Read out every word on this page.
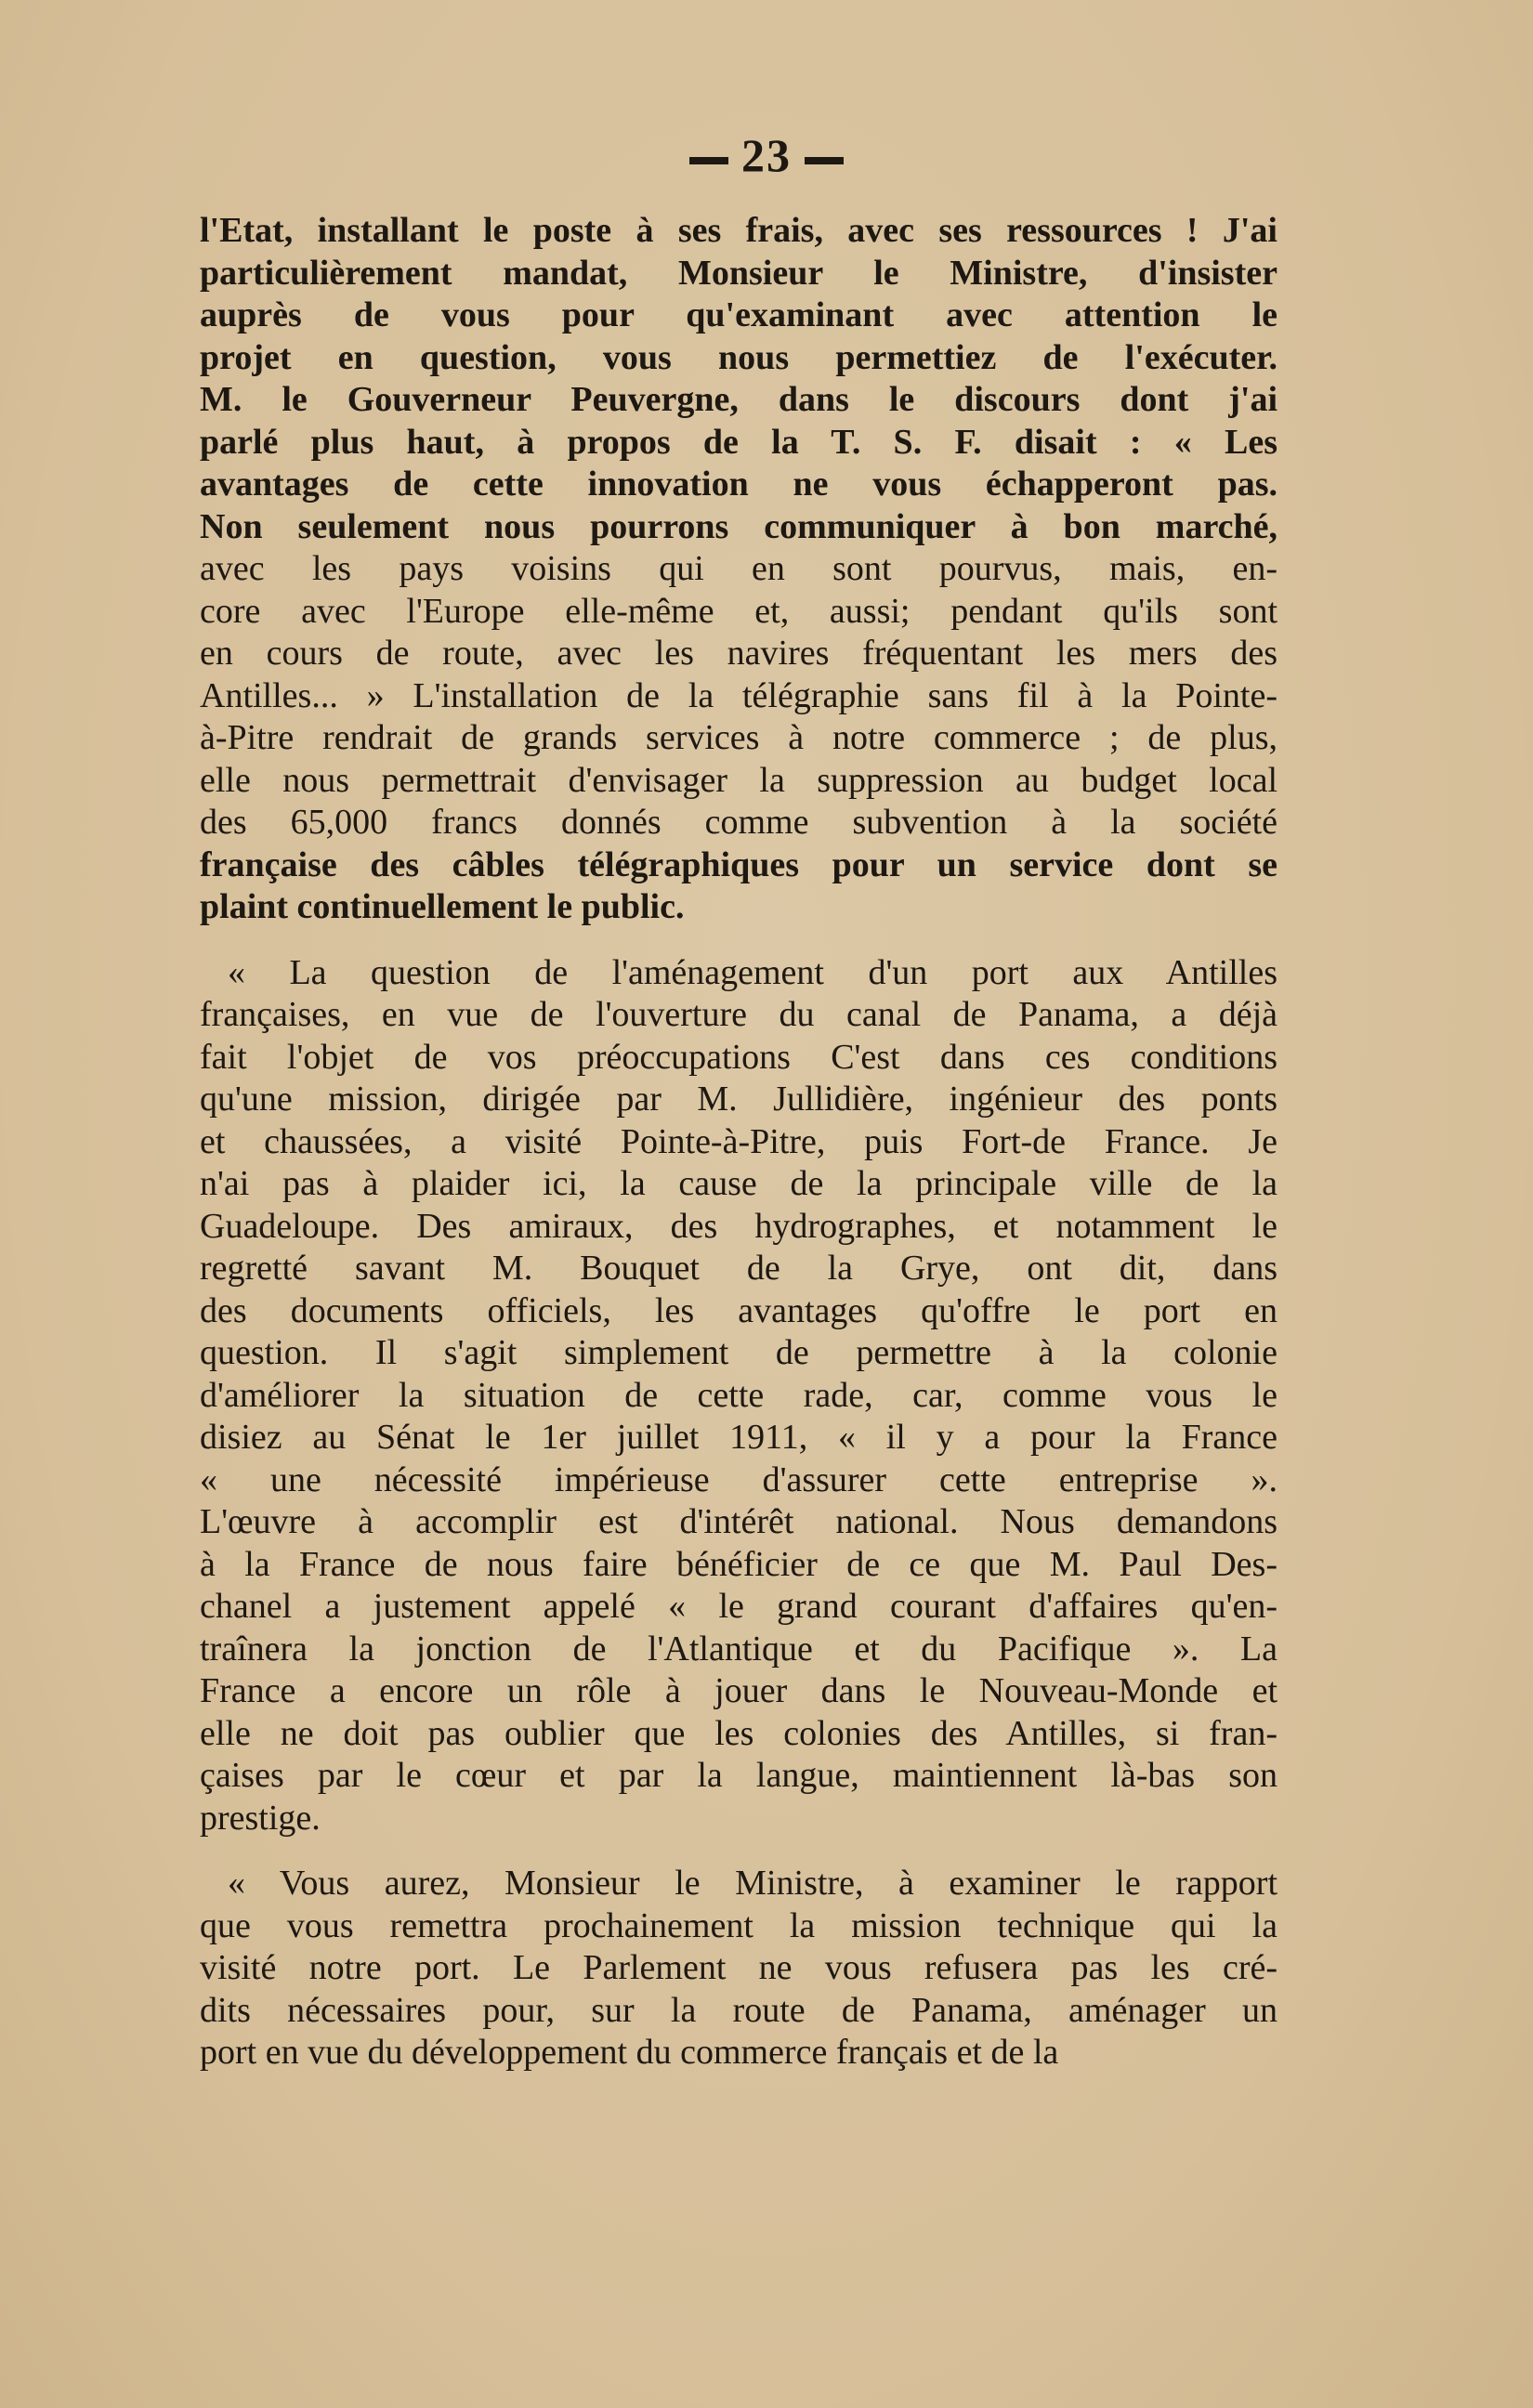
23
l'Etat, installant le poste à ses frais, avec ses ressources ! J'ai
particulièrement mandat, Monsieur le Ministre, d'insister
auprès de vous pour qu'examinant avec attention le
projet en question, vous nous permettiez de l'exécuter.
M. le Gouverneur Peuvergne, dans le discours dont j'ai
parlé plus haut, à propos de la T. S. F. disait : « Les
avantages de cette innovation ne vous échapperont pas.
Non seulement nous pourrons communiquer à bon marché,
avec les pays voisins qui en sont pourvus, mais, en-
core avec l'Europe elle-même et, aussi; pendant qu'ils sont
en cours de route, avec les navires fréquentant les mers des
Antilles... » L'installation de la télégraphie sans fil à la Pointe-
à-Pitre rendrait de grands services à notre commerce ; de plus,
elle nous permettrait d'envisager la suppression au budget local
des 65,000 francs donnés comme subvention à la société
française des câbles télégraphiques pour un service dont se
plaint continuellement le public.
« La question de l'aménagement d'un port aux Antilles
françaises, en vue de l'ouverture du canal de Panama, a déjà
fait l'objet de vos préoccupations C'est dans ces conditions
qu'une mission, dirigée par M. Jullidière, ingénieur des ponts
et chaussées, a visité Pointe-à-Pitre, puis Fort-de France. Je
n'ai pas à plaider ici, la cause de la principale ville de la
Guadeloupe. Des amiraux, des hydrographes, et notamment le
regretté savant M. Bouquet de la Grye, ont dit, dans
des documents officiels, les avantages qu'offre le port en
question. Il s'agit simplement de permettre à la colonie
d'améliorer la situation de cette rade, car, comme vous le
disiez au Sénat le 1er juillet 1911, « il y a pour la France
« une nécessité impérieuse d'assurer cette entreprise ».
L'œuvre à accomplir est d'intérêt national. Nous demandons
à la France de nous faire bénéficier de ce que M. Paul Des-
chanel a justement appelé « le grand courant d'affaires qu'en-
traînera la jonction de l'Atlantique et du Pacifique ». La
France a encore un rôle à jouer dans le Nouveau-Monde et
elle ne doit pas oublier que les colonies des Antilles, si fran-
çaises par le cœur et par la langue, maintiennent là-bas son
prestige.
« Vous aurez, Monsieur le Ministre, à examiner le rapport
que vous remettra prochainement la mission technique qui la
visité notre port. Le Parlement ne vous refusera pas les cré-
dits nécessaires pour, sur la route de Panama, aménager un
port en vue du développement du commerce français et de la
